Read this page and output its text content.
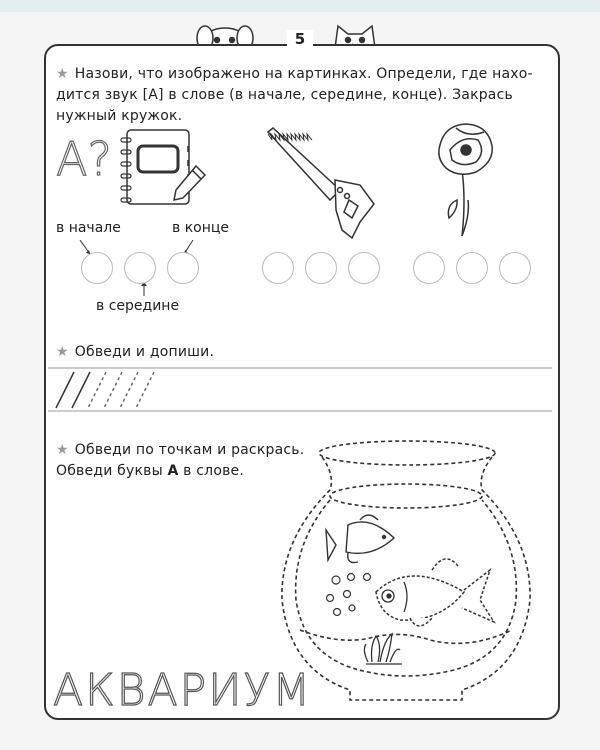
5
★ Назови, что изображено на картинках. Определи, где нахо-
дится звук [А] в слове (в начале, середине, конце). Закрась
нужный кружок.
А?
в начале	в конце
в середине
★ Обведи и допиши.
★ Обведи по точкам и раскрась.
Обведи буквы А в слове.
АКВАРИУМ
